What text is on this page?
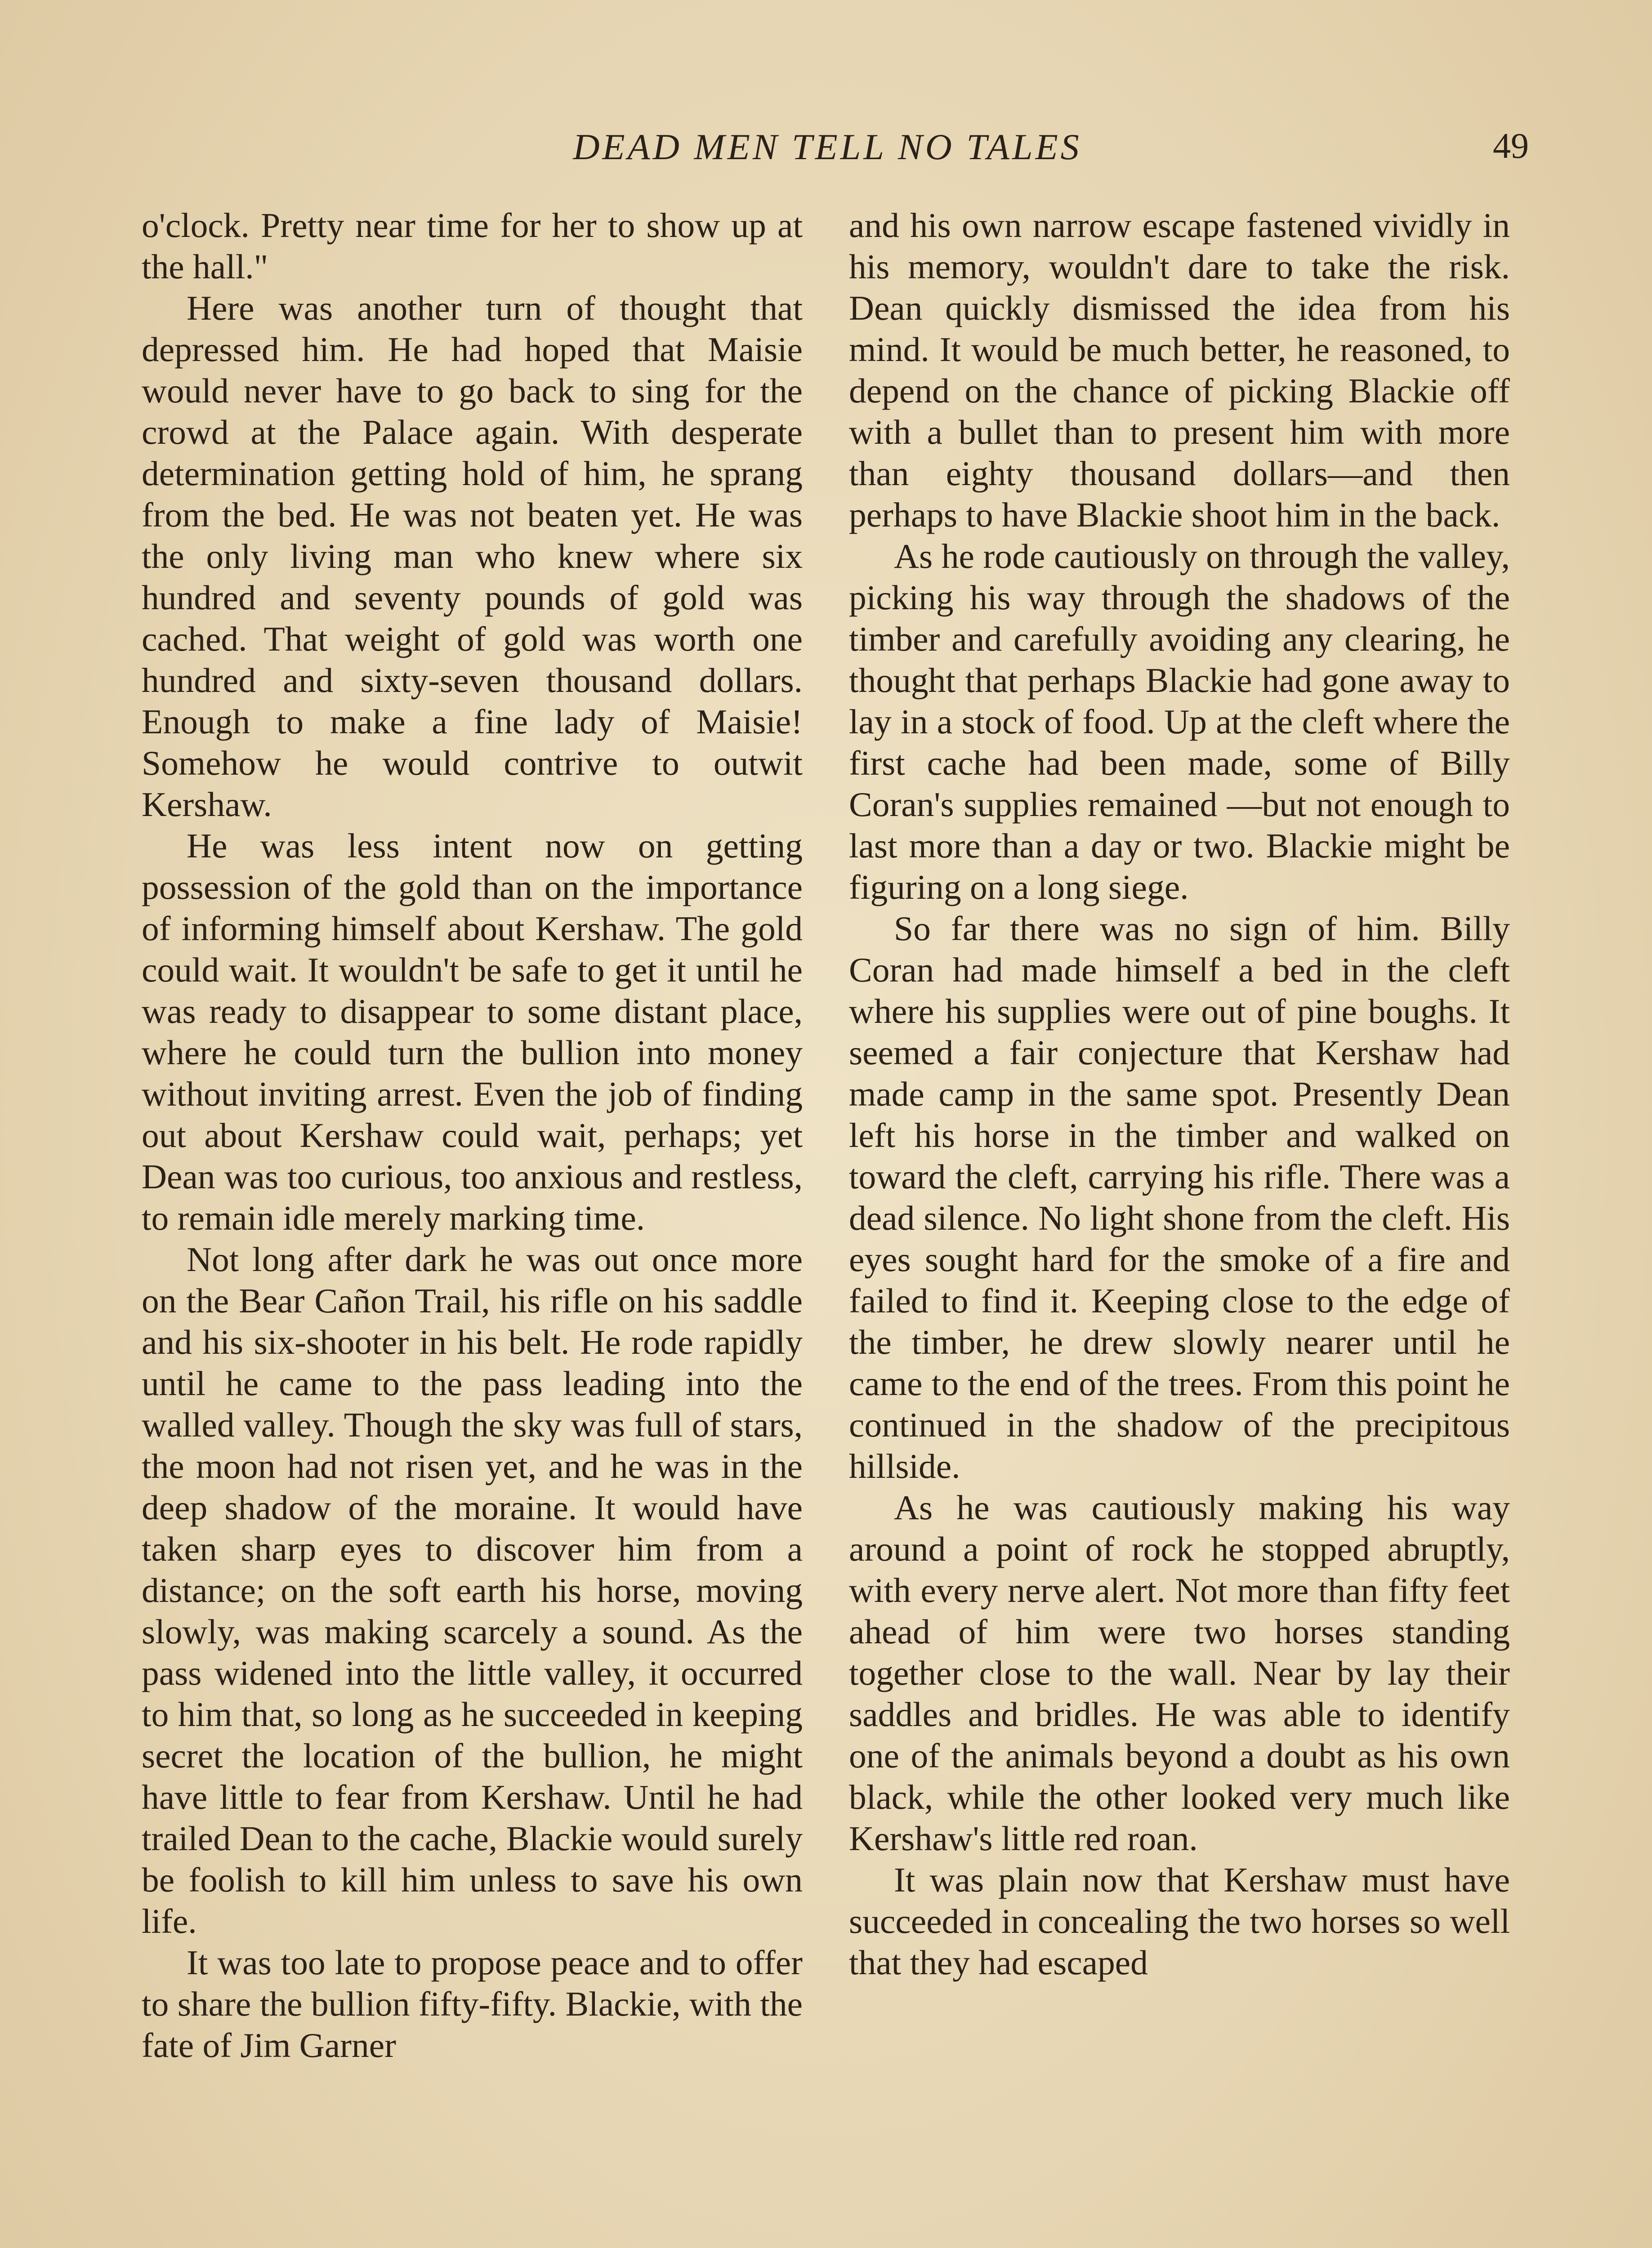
DEAD MEN TELL NO TALES	49

o'clock. Pretty near time for her to show up at the hall."

Here was another turn of thought that depressed him. He had hoped that Maisie would never have to go back to sing for the crowd at the Palace again. With desperate determination getting hold of him, he sprang from the bed. He was not beaten yet. He was the only living man who knew where six hundred and seventy pounds of gold was cached. That weight of gold was worth one hundred and sixty-seven thousand dollars. Enough to make a fine lady of Maisie! Somehow he would contrive to outwit Kershaw.

He was less intent now on getting possession of the gold than on the importance of informing himself about Kershaw. The gold could wait. It wouldn't be safe to get it until he was ready to disappear to some distant place, where he could turn the bullion into money without inviting arrest. Even the job of finding out about Kershaw could wait, perhaps; yet Dean was too curious, too anxious and restless, to remain idle merely marking time.

Not long after dark he was out once more on the Bear Cañon Trail, his rifle on his saddle and his six-shooter in his belt. He rode rapidly until he came to the pass leading into the walled valley. Though the sky was full of stars, the moon had not risen yet, and he was in the deep shadow of the moraine. It would have taken sharp eyes to discover him from a distance; on the soft earth his horse, moving slowly, was making scarcely a sound. As the pass widened into the little valley, it occurred to him that, so long as he succeeded in keeping secret the location of the bullion, he might have little to fear from Kershaw. Until he had trailed Dean to the cache, Blackie would surely be foolish to kill him unless to save his own life.

It was too late to propose peace and to offer to share the bullion fifty-fifty. Blackie, with the fate of Jim Garner

and his own narrow escape fastened vividly in his memory, wouldn't dare to take the risk. Dean quickly dismissed the idea from his mind. It would be much better, he reasoned, to depend on the chance of picking Blackie off with a bullet than to present him with more than eighty thousand dollars—and then perhaps to have Blackie shoot him in the back.

As he rode cautiously on through the valley, picking his way through the shadows of the timber and carefully avoiding any clearing, he thought that perhaps Blackie had gone away to lay in a stock of food. Up at the cleft where the first cache had been made, some of Billy Coran's supplies remained —but not enough to last more than a day or two. Blackie might be figuring on a long siege.

So far there was no sign of him. Billy Coran had made himself a bed in the cleft where his supplies were out of pine boughs. It seemed a fair conjecture that Kershaw had made camp in the same spot. Presently Dean left his horse in the timber and walked on toward the cleft, carrying his rifle. There was a dead silence. No light shone from the cleft. His eyes sought hard for the smoke of a fire and failed to find it. Keeping close to the edge of the timber, he drew slowly nearer until he came to the end of the trees. From this point he continued in the shadow of the precipitous hillside.

As he was cautiously making his way around a point of rock he stopped abruptly, with every nerve alert. Not more than fifty feet ahead of him were two horses standing together close to the wall. Near by lay their saddles and bridles. He was able to identify one of the animals beyond a doubt as his own black, while the other looked very much like Kershaw's little red roan.

It was plain now that Kershaw must have succeeded in concealing the two horses so well that they had escaped
